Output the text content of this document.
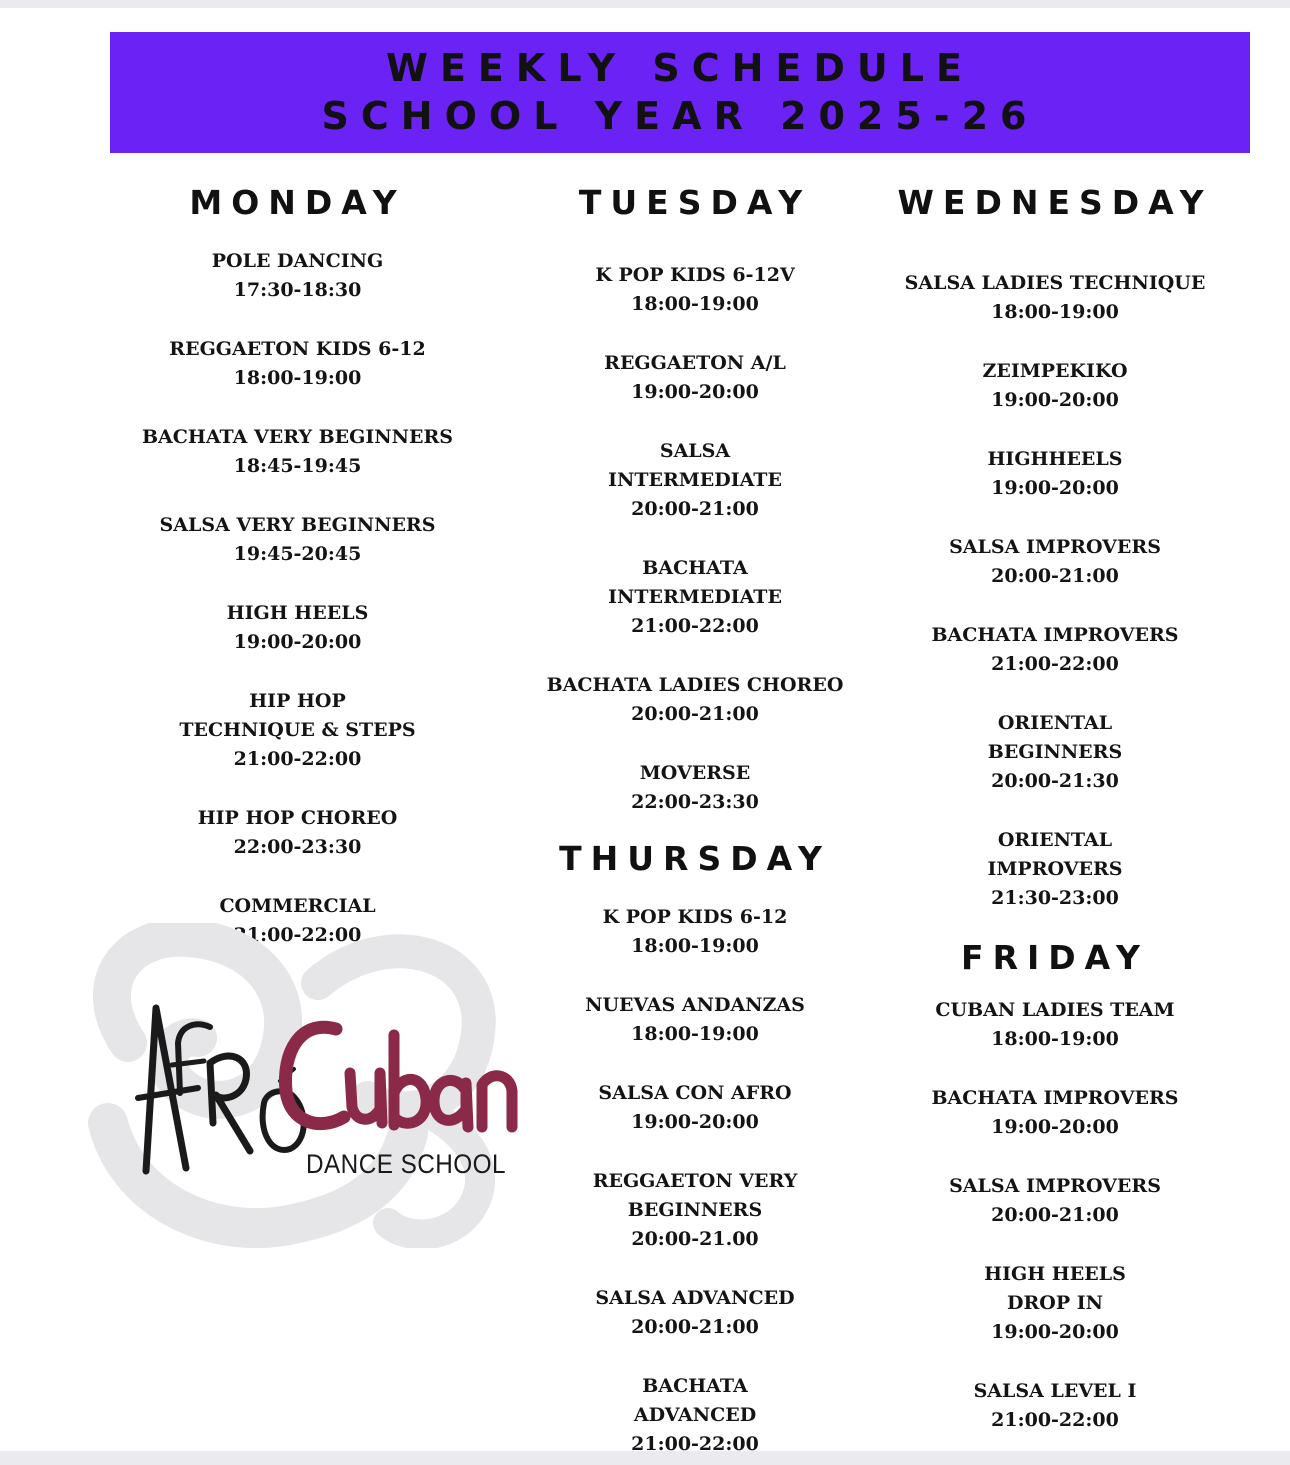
WEEKLY SCHEDULE
SCHOOL YEAR 2025-26
MONDAY
POLE DANCING
17:30-18:30
REGGAETON KIDS 6-12
18:00-19:00
BACHATA VERY BEGINNERS
18:45-19:45
SALSA VERY BEGINNERS
19:45-20:45
HIGH HEELS
19:00-20:00
HIP HOP
TECHNIQUE & STEPS
21:00-22:00
HIP HOP CHOREO
22:00-23:30
COMMERCIAL
21:00-22:00
TUESDAY
K POP KIDS 6-12V
18:00-19:00
REGGAETON A/L
19:00-20:00
SALSA
INTERMEDIATE
20:00-21:00
BACHATA
INTERMEDIATE
21:00-22:00
BACHATA LADIES CHOREO
20:00-21:00
MOVERSE
22:00-23:30
THURSDAY
K POP KIDS 6-12
18:00-19:00
NUEVAS ANDANZAS
18:00-19:00
SALSA CON AFRO
19:00-20:00
REGGAETON VERY
BEGINNERS
20:00-21.00
SALSA ADVANCED
20:00-21:00
BACHATA
ADVANCED
21:00-22:00
WEDNESDAY
SALSA LADIES TECHNIQUE
18:00-19:00
ZEIMPEKIKO
19:00-20:00
HIGHHEELS
19:00-20:00
SALSA IMPROVERS
20:00-21:00
BACHATA IMPROVERS
21:00-22:00
ORIENTAL
BEGINNERS
20:00-21:30
ORIENTAL
IMPROVERS
21:30-23:00
FRIDAY
CUBAN LADIES TEAM
18:00-19:00
BACHATA IMPROVERS
19:00-20:00
SALSA IMPROVERS
20:00-21:00
HIGH HEELS
DROP IN
19:00-20:00
SALSA LEVEL I
21:00-22:00
DANCE SCHOOL
